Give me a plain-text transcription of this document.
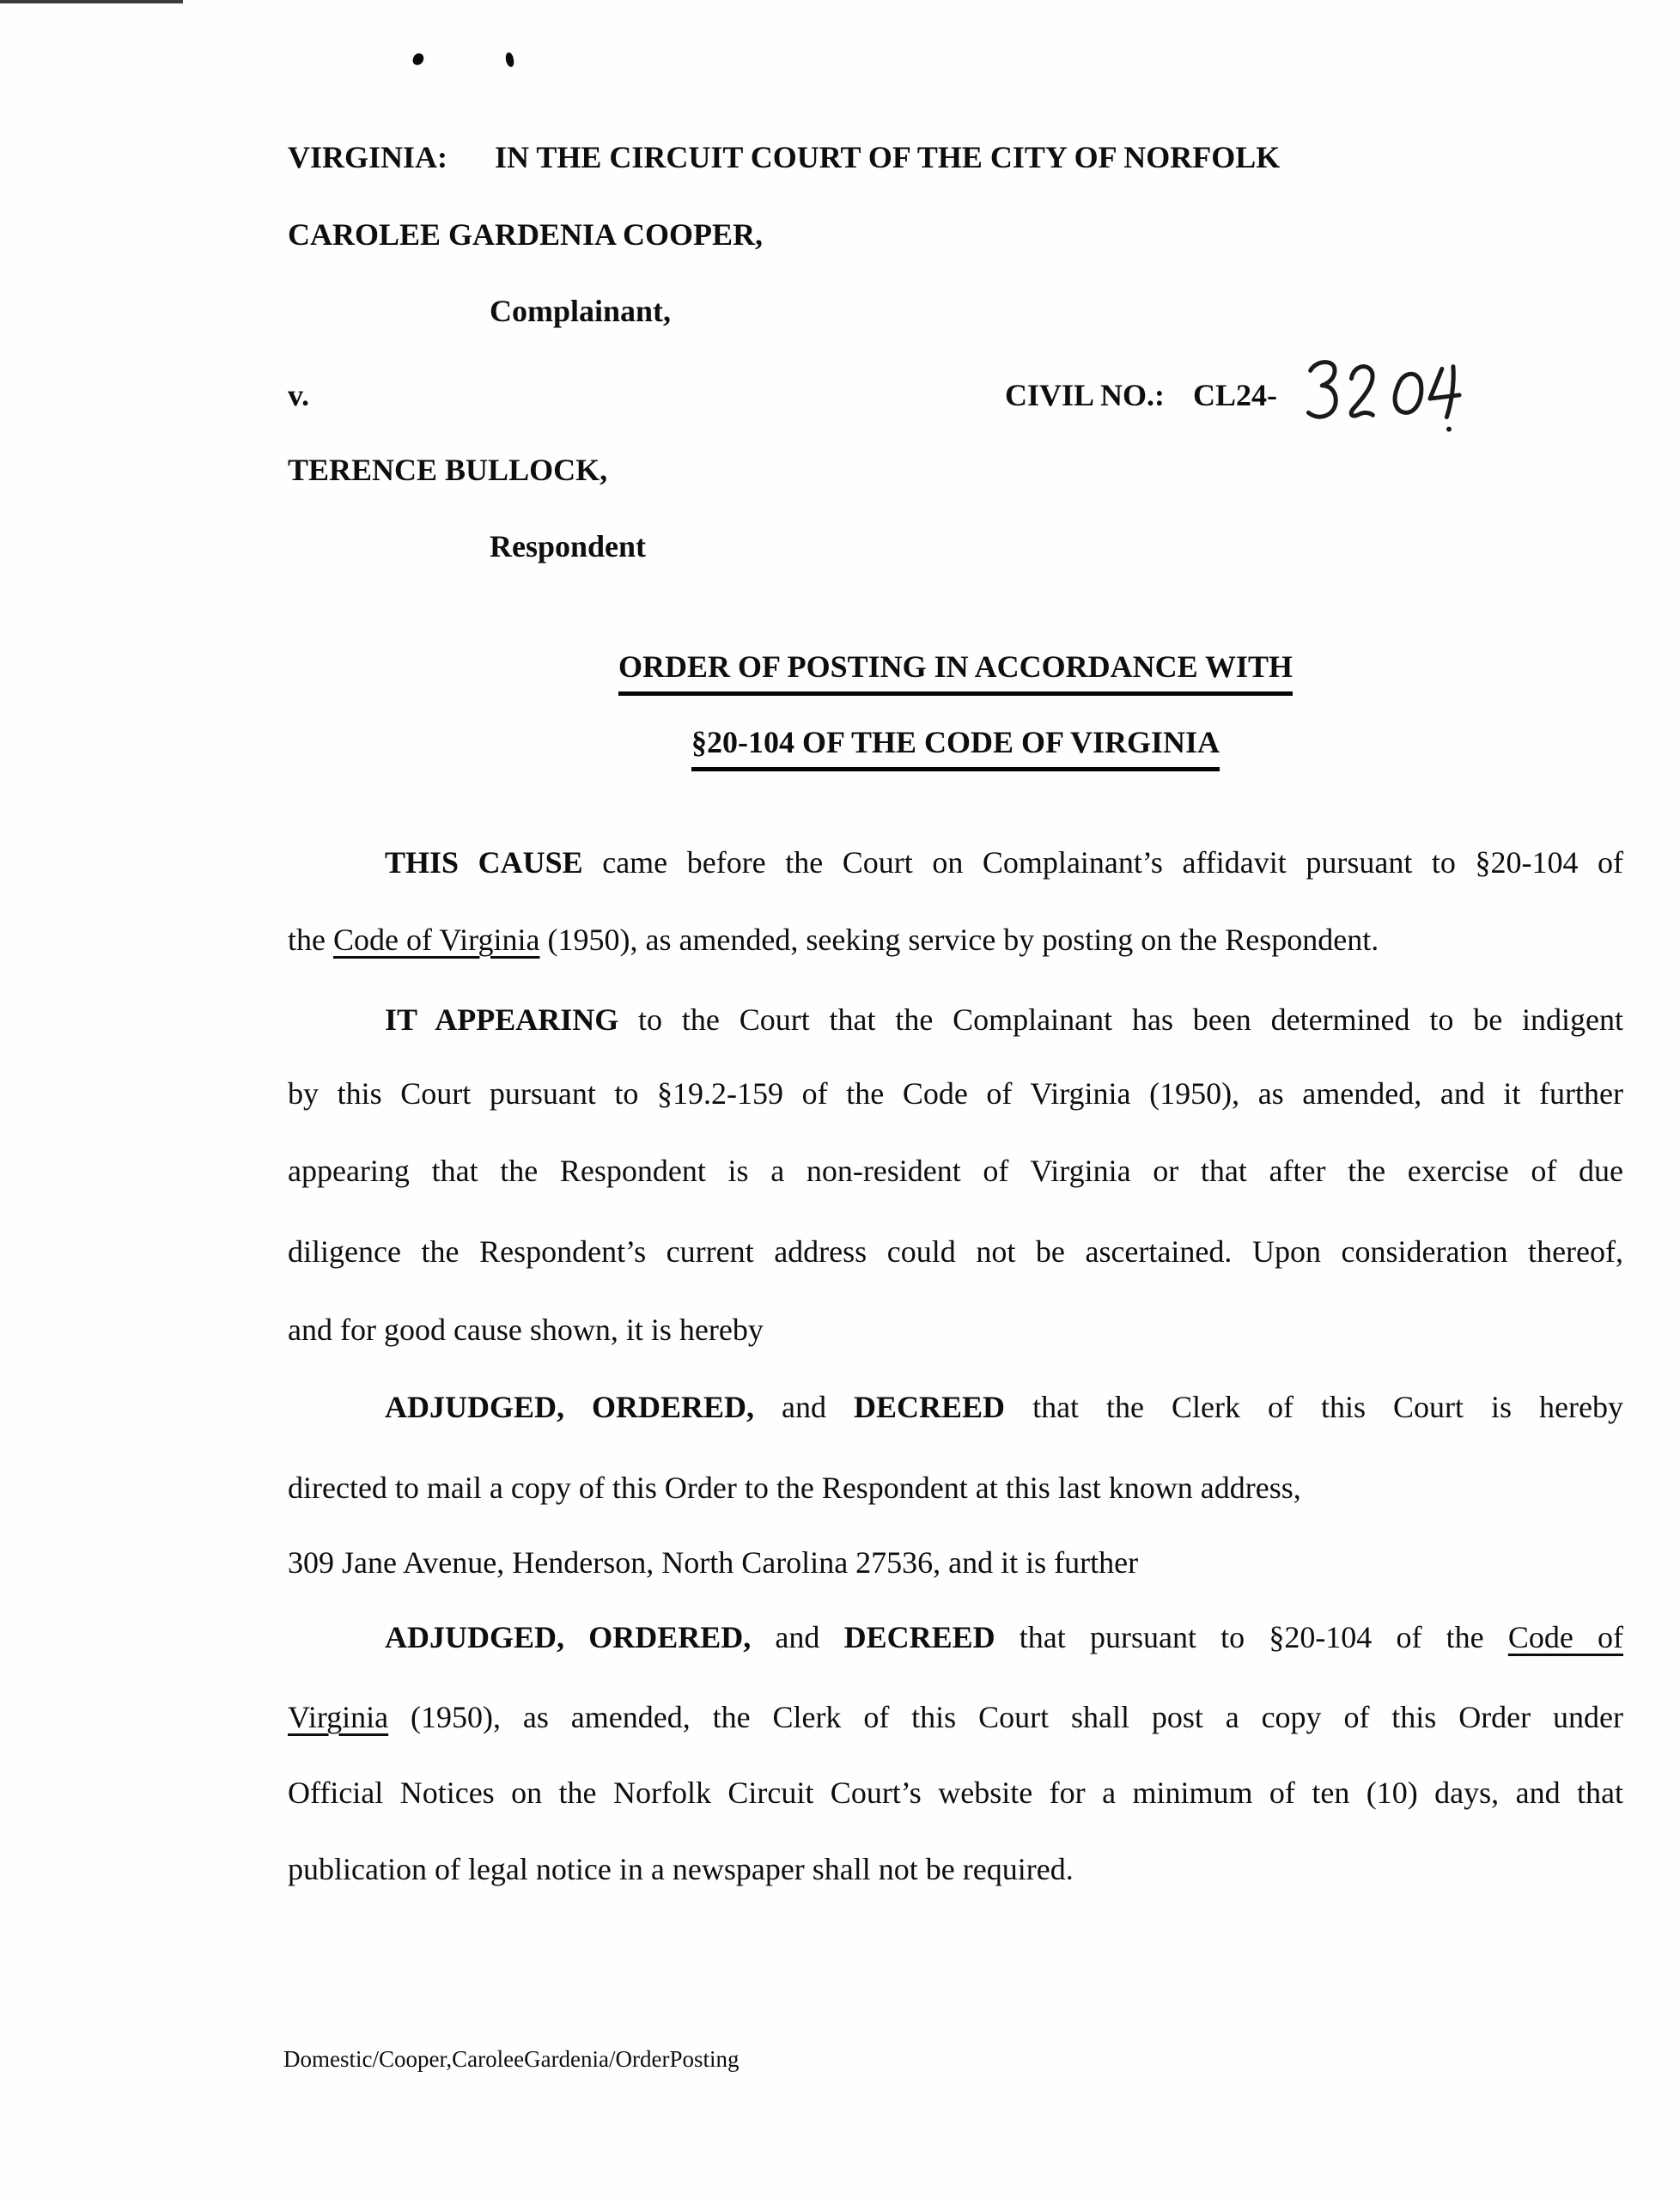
VIRGINIA: IN THE CIRCUIT COURT OF THE CITY OF NORFOLK
CAROLEE GARDENIA COOPER,
Complainant,
v.	CIVIL NO.: CL24-
TERENCE BULLOCK,
Respondent
ORDER OF POSTING IN ACCORDANCE WITH
§20-104 OF THE CODE OF VIRGINIA
THIS CAUSE came before the Court on Complainant’s affidavit pursuant to §20-104 of
the Code of Virginia (1950), as amended, seeking service by posting on the Respondent.
IT APPEARING to the Court that the Complainant has been determined to be indigent
by this Court pursuant to §19.2-159 of the Code of Virginia (1950), as amended, and it further
appearing that the Respondent is a non-resident of Virginia or that after the exercise of due
diligence the Respondent’s current address could not be ascertained. Upon consideration thereof,
and for good cause shown, it is hereby
ADJUDGED, ORDERED, and DECREED that the Clerk of this Court is hereby
directed to mail a copy of this Order to the Respondent at this last known address,
309 Jane Avenue, Henderson, North Carolina 27536, and it is further
ADJUDGED, ORDERED, and DECREED that pursuant to §20-104 of the Code of
Virginia (1950), as amended, the Clerk of this Court shall post a copy of this Order under
Official Notices on the Norfolk Circuit Court’s website for a minimum of ten (10) days, and that
publication of legal notice in a newspaper shall not be required.
Domestic/Cooper,CaroleeGardenia/OrderPosting
